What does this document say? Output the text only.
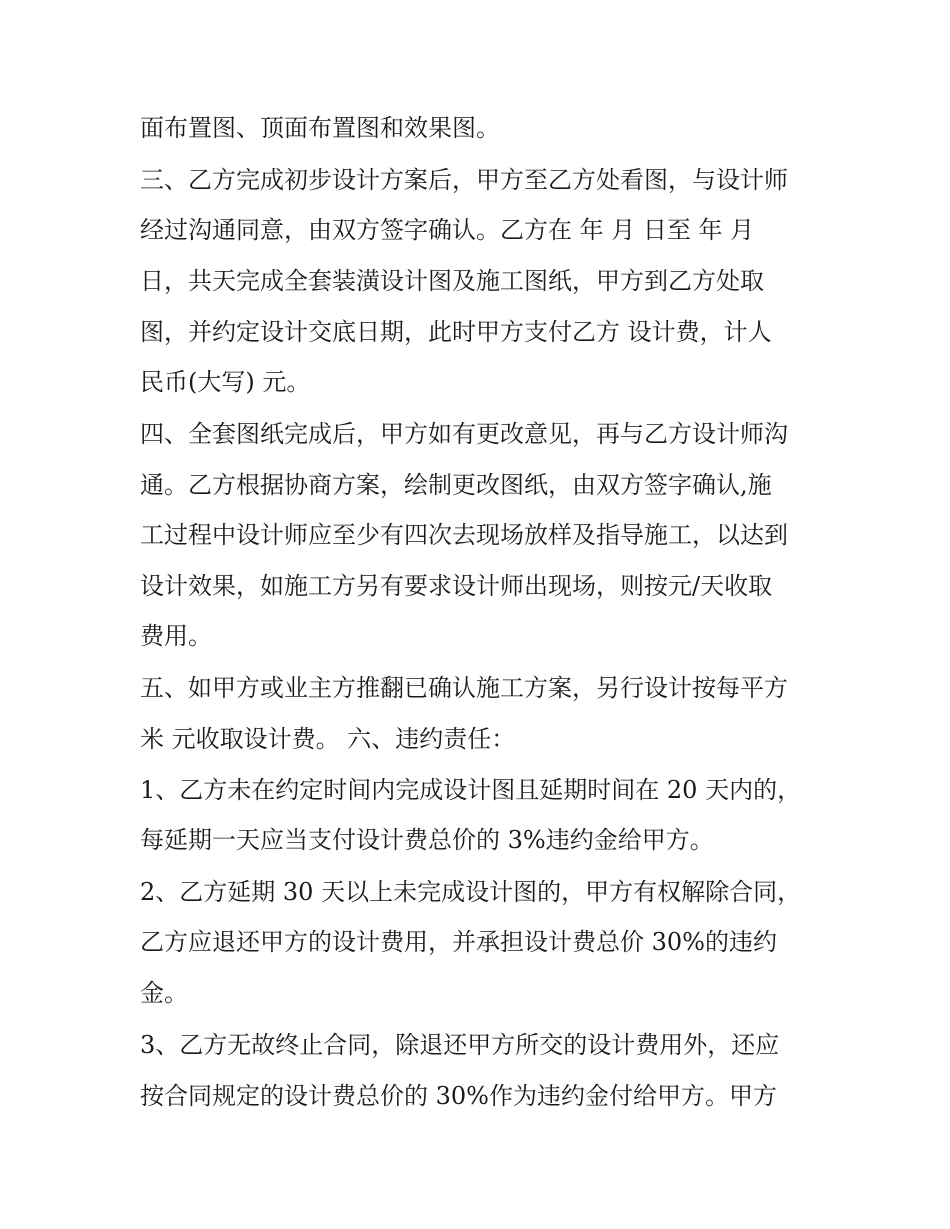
面布置图、顶面布置图和效果图。

三、乙方完成初步设计方案后，甲方至乙方处看图，与设计师

经过沟通同意，由双方签字确认。乙方在 年 月 日至 年 月

日，共天完成全套装潢设计图及施工图纸，甲方到乙方处取

图，并约定设计交底日期，此时甲方支付乙方 设计费，计人

民币(大写) 元。

四、全套图纸完成后，甲方如有更改意见，再与乙方设计师沟

通。乙方根据协商方案，绘制更改图纸，由双方签字确认,施

工过程中设计师应至少有四次去现场放样及指导施工，以达到

设计效果，如施工方另有要求设计师出现场，则按元/天收取

费用。

五、如甲方或业主方推翻已确认施工方案，另行设计按每平方

米 元收取设计费。 六、违约责任：

1、乙方未在约定时间内完成设计图且延期时间在 20 天内的，

每延期一天应当支付设计费总价的 3%违约金给甲方。

2、乙方延期 30 天以上未完成设计图的，甲方有权解除合同，

乙方应退还甲方的设计费用，并承担设计费总价 30%的违约

金。

3、乙方无故终止合同，除退还甲方所交的设计费用外，还应

按合同规定的设计费总价的 30%作为违约金付给甲方。甲方
